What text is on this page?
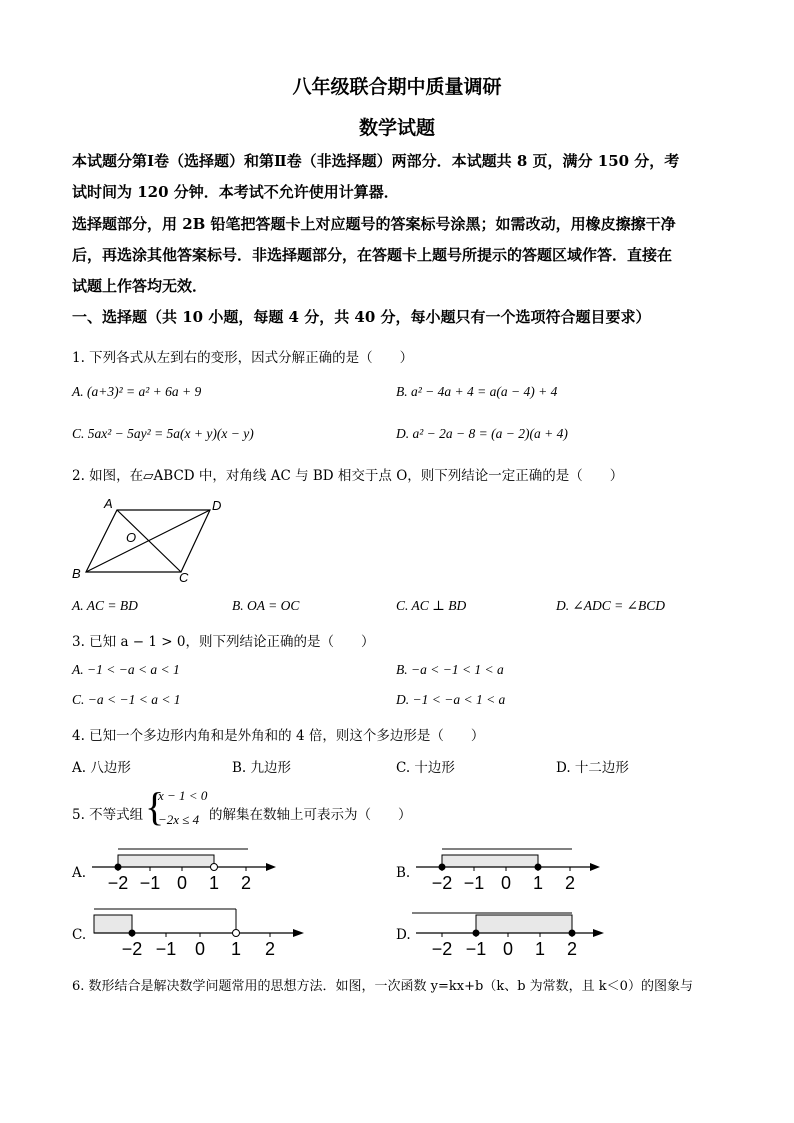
八年级联合期中质量调研
数学试题
本试题分第Ⅰ卷（选择题）和第Ⅱ卷（非选择题）两部分．本试题共 8 页，满分 150 分，考
试时间为 120 分钟．本考试不允许使用计算器．
选择题部分，用 2B 铅笔把答题卡上对应题号的答案标号涂黑；如需改动，用橡皮擦擦干净
后，再选涂其他答案标号．非选择题部分，在答题卡上题号所提示的答题区域作答．直接在
试题上作答均无效．
一、选择题（共 10 小题，每题 4 分，共 40 分，每小题只有一个选项符合题目要求）
1. 下列各式从左到右的变形，因式分解正确的是（　　）
A. (a+3)² = a² + 6a + 9	B. a² − 4a + 4 = a(a − 4) + 4
C. 5ax² − 5ay² = 5a(x + y)(x − y)	D. a² − 2a − 8 = (a − 2)(a + 4)
2. 如图，在▱ABCD 中，对角线 AC 与 BD 相交于点 O，则下列结论一定正确的是（　　）
A	D
B	C
O
A. AC = BD	B. OA = OC	C. AC ⊥ BD	D. ∠ADC = ∠BCD
3. 已知 a − 1 > 0，则下列结论正确的是（　　）
A. −1 < −a < a < 1	B. −a < −1 < 1 < a
C. −a < −1 < a < 1	D. −1 < −a < 1 < a
4. 已知一个多边形内角和是外角和的 4 倍，则这个多边形是（　　）
A. 八边形	B. 九边形	C. 十边形	D. 十二边形
5. 不等式组 {
x − 1 < 0
−2x ≤ 4 的解集在数轴上可表示为（　　）
A. −2 −1 0 1 2	B. −2 −1 0 1 2
C.
−2 −1 0 1 2
D.
−2 −1 0 1 2
6. 数形结合是解决数学问题常用的思想方法．如图，一次函数 y=kx+b（k、b 为常数，且 k＜0）的图象与
